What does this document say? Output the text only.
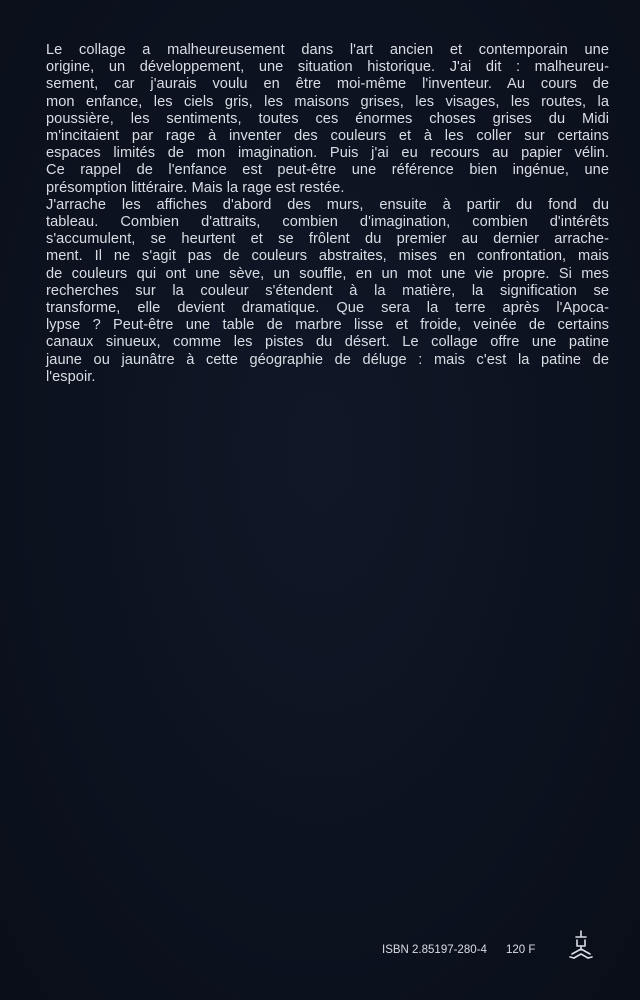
Le collage a malheureusement dans l'art ancien et contemporain une
origine, un développement, une situation historique. J'ai dit : malheureu-
sement, car j'aurais voulu en être moi-même l'inventeur. Au cours de
mon enfance, les ciels gris, les maisons grises, les visages, les routes, la
poussière, les sentiments, toutes ces énormes choses grises du Midi
m'incitaient par rage à inventer des couleurs et à les coller sur certains
espaces limités de mon imagination. Puis j'ai eu recours au papier vélin.
Ce rappel de l'enfance est peut-être une référence bien ingénue, une
présomption littéraire. Mais la rage est restée.
J'arrache les affiches d'abord des murs, ensuite à partir du fond du
tableau. Combien d'attraits, combien d'imagination, combien d'intérêts
s'accumulent, se heurtent et se frôlent du premier au dernier arrache-
ment. Il ne s'agit pas de couleurs abstraites, mises en confrontation, mais
de couleurs qui ont une sève, un souffle, en un mot une vie propre. Si mes
recherches sur la couleur s'étendent à la matière, la signification se
transforme, elle devient dramatique. Que sera la terre après l'Apoca-
lypse ? Peut-être une table de marbre lisse et froide, veinée de certains
canaux sinueux, comme les pistes du désert. Le collage offre une patine
jaune ou jaunâtre à cette géographie de déluge : mais c'est la patine de
l'espoir.
ISBN 2.85197-280-4 120 F
